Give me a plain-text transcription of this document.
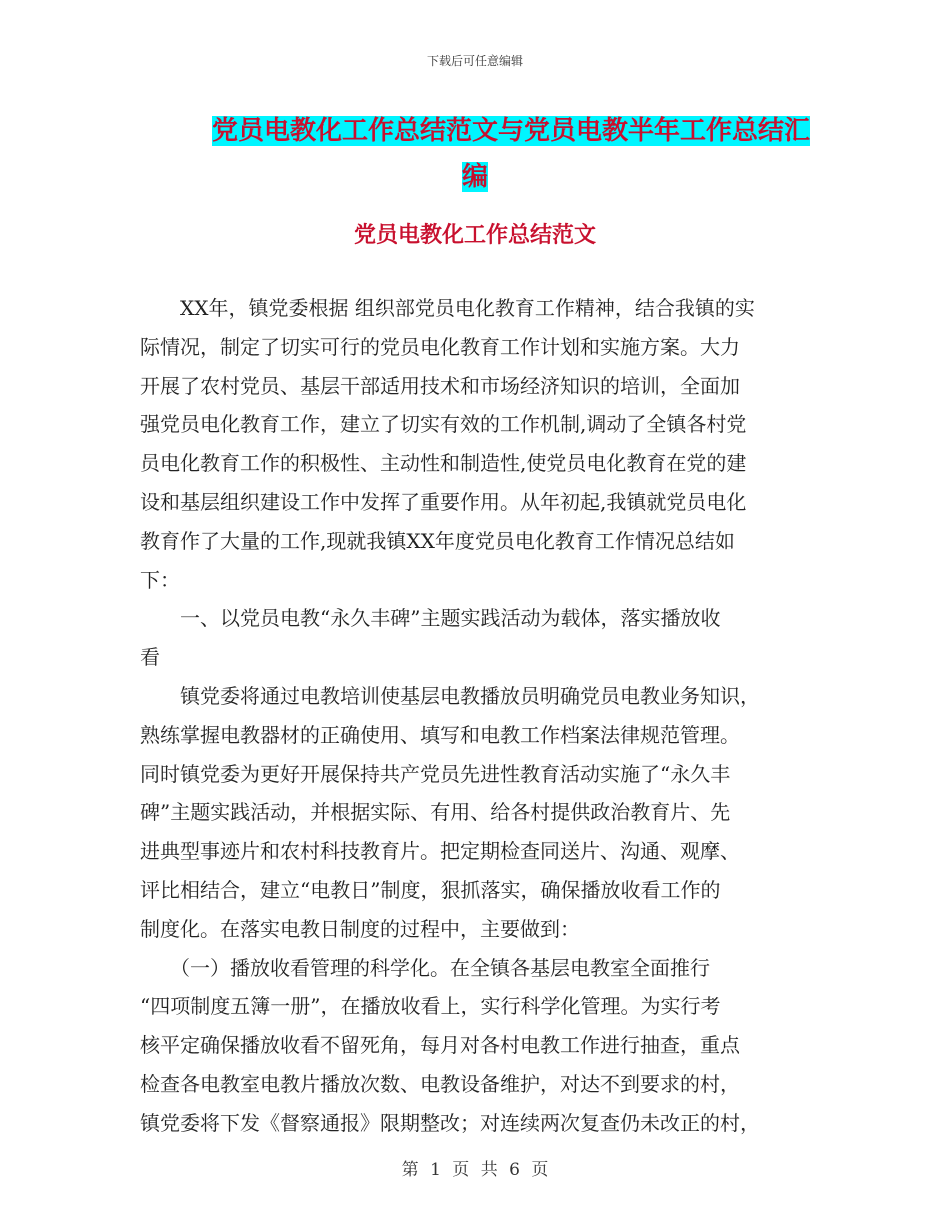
下载后可任意编辑
党员电教化工作总结范文与党员电教半年工作总结汇
编
党员电教化工作总结范文

　　XX年，镇党委根据 组织部党员电化教育工作精神，结合我镇的实

际情况，制定了切实可行的党员电化教育工作计划和实施方案。大力

开展了农村党员、基层干部适用技术和市场经济知识的培训，全面加

强党员电化教育工作，建立了切实有效的工作机制,调动了全镇各村党

员电化教育工作的积极性、主动性和制造性,使党员电化教育在党的建

设和基层组织建设工作中发挥了重要作用。从年初起,我镇就党员电化

教育作了大量的工作,现就我镇XX年度党员电化教育工作情况总结如

下：

　　一、以党员电教“永久丰碑”主题实践活动为载体，落实播放收

看

　　镇党委将通过电教培训使基层电教播放员明确党员电教业务知识，

熟练掌握电教器材的正确使用、填写和电教工作档案法律规范管理。

同时镇党委为更好开展保持共产党员先进性教育活动实施了“永久丰

碑”主题实践活动，并根据实际、有用、给各村提供政治教育片、先

进典型事迹片和农村科技教育片。把定期检查同送片、沟通、观摩、

评比相结合，建立“电教日”制度，狠抓落实，确保播放收看工作的

制度化。在落实电教日制度的过程中，主要做到：

　　（一）播放收看管理的科学化。在全镇各基层电教室全面推行

“四项制度五簿一册”，在播放收看上，实行科学化管理。为实行考

核平定确保播放收看不留死角，每月对各村电教工作进行抽查，重点

检查各电教室电教片播放次数、电教设备维护，对达不到要求的村，

镇党委将下发《督察通报》限期整改；对连续两次复查仍未改正的村，

第 1 页 共 6 页
